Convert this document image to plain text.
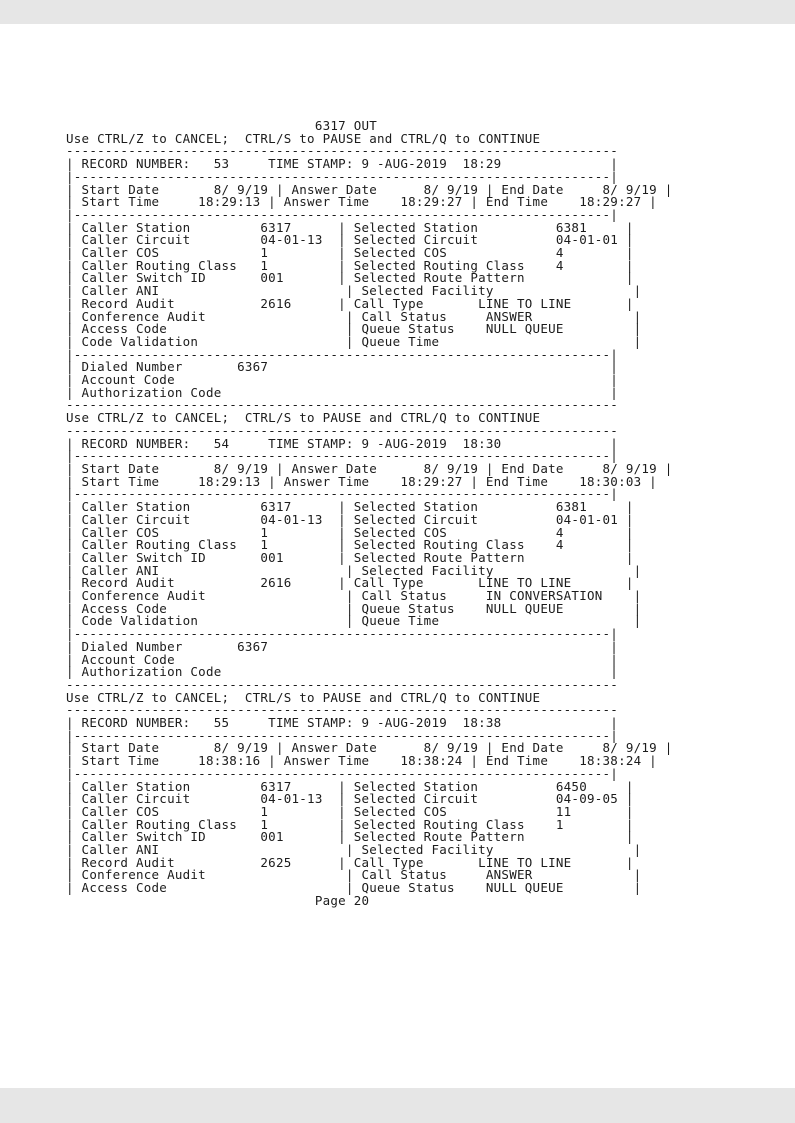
6317 OUT
Use CTRL/Z to CANCEL;  CTRL/S to PAUSE and CTRL/Q to CONTINUE
-----------------------------------------------------------------------
| RECORD NUMBER:   53     TIME STAMP: 9 -AUG-2019  18:29              |
|---------------------------------------------------------------------|
| Start Date       8/ 9/19 | Answer Date      8/ 9/19 | End Date     8/ 9/19 |
| Start Time     18:29:13 | Answer Time    18:29:27 | End Time    18:29:27 |
|---------------------------------------------------------------------|
| Caller Station         6317      | Selected Station          6381     |
| Caller Circuit         04-01-13  | Selected Circuit          04-01-01 |
| Caller COS             1         | Selected COS              4        |
| Caller Routing Class   1         | Selected Routing Class    4        |
| Caller Switch ID       001       | Selected Route Pattern             |
| Caller ANI                        | Selected Facility                  |
| Record Audit           2616      | Call Type       LINE TO LINE       |
| Conference Audit                  | Call Status     ANSWER             |
| Access Code                       | Queue Status    NULL QUEUE         |
| Code Validation                   | Queue Time                         |
|---------------------------------------------------------------------|
| Dialed Number       6367                                            |
| Account Code                                                        |
| Authorization Code                                                  |
-----------------------------------------------------------------------
Use CTRL/Z to CANCEL;  CTRL/S to PAUSE and CTRL/Q to CONTINUE
-----------------------------------------------------------------------
| RECORD NUMBER:   54     TIME STAMP: 9 -AUG-2019  18:30              |
|---------------------------------------------------------------------|
| Start Date       8/ 9/19 | Answer Date      8/ 9/19 | End Date     8/ 9/19 |
| Start Time     18:29:13 | Answer Time    18:29:27 | End Time    18:30:03 |
|---------------------------------------------------------------------|
| Caller Station         6317      | Selected Station          6381     |
| Caller Circuit         04-01-13  | Selected Circuit          04-01-01 |
| Caller COS             1         | Selected COS              4        |
| Caller Routing Class   1         | Selected Routing Class    4        |
| Caller Switch ID       001       | Selected Route Pattern             |
| Caller ANI                        | Selected Facility                  |
| Record Audit           2616      | Call Type       LINE TO LINE       |
| Conference Audit                  | Call Status     IN CONVERSATION    |
| Access Code                       | Queue Status    NULL QUEUE         |
| Code Validation                   | Queue Time                         |
|---------------------------------------------------------------------|
| Dialed Number       6367                                            |
| Account Code                                                        |
| Authorization Code                                                  |
-----------------------------------------------------------------------
Use CTRL/Z to CANCEL;  CTRL/S to PAUSE and CTRL/Q to CONTINUE
-----------------------------------------------------------------------
| RECORD NUMBER:   55     TIME STAMP: 9 -AUG-2019  18:38              |
|---------------------------------------------------------------------|
| Start Date       8/ 9/19 | Answer Date      8/ 9/19 | End Date     8/ 9/19 |
| Start Time     18:38:16 | Answer Time    18:38:24 | End Time    18:38:24 |
|---------------------------------------------------------------------|
| Caller Station         6317      | Selected Station          6450     |
| Caller Circuit         04-01-13  | Selected Circuit          04-09-05 |
| Caller COS             1         | Selected COS              11       |
| Caller Routing Class   1         | Selected Routing Class    1        |
| Caller Switch ID       001       | Selected Route Pattern             |
| Caller ANI                        | Selected Facility                  |
| Record Audit           2625      | Call Type       LINE TO LINE       |
| Conference Audit                  | Call Status     ANSWER             |
| Access Code                       | Queue Status    NULL QUEUE         |
Page 20
